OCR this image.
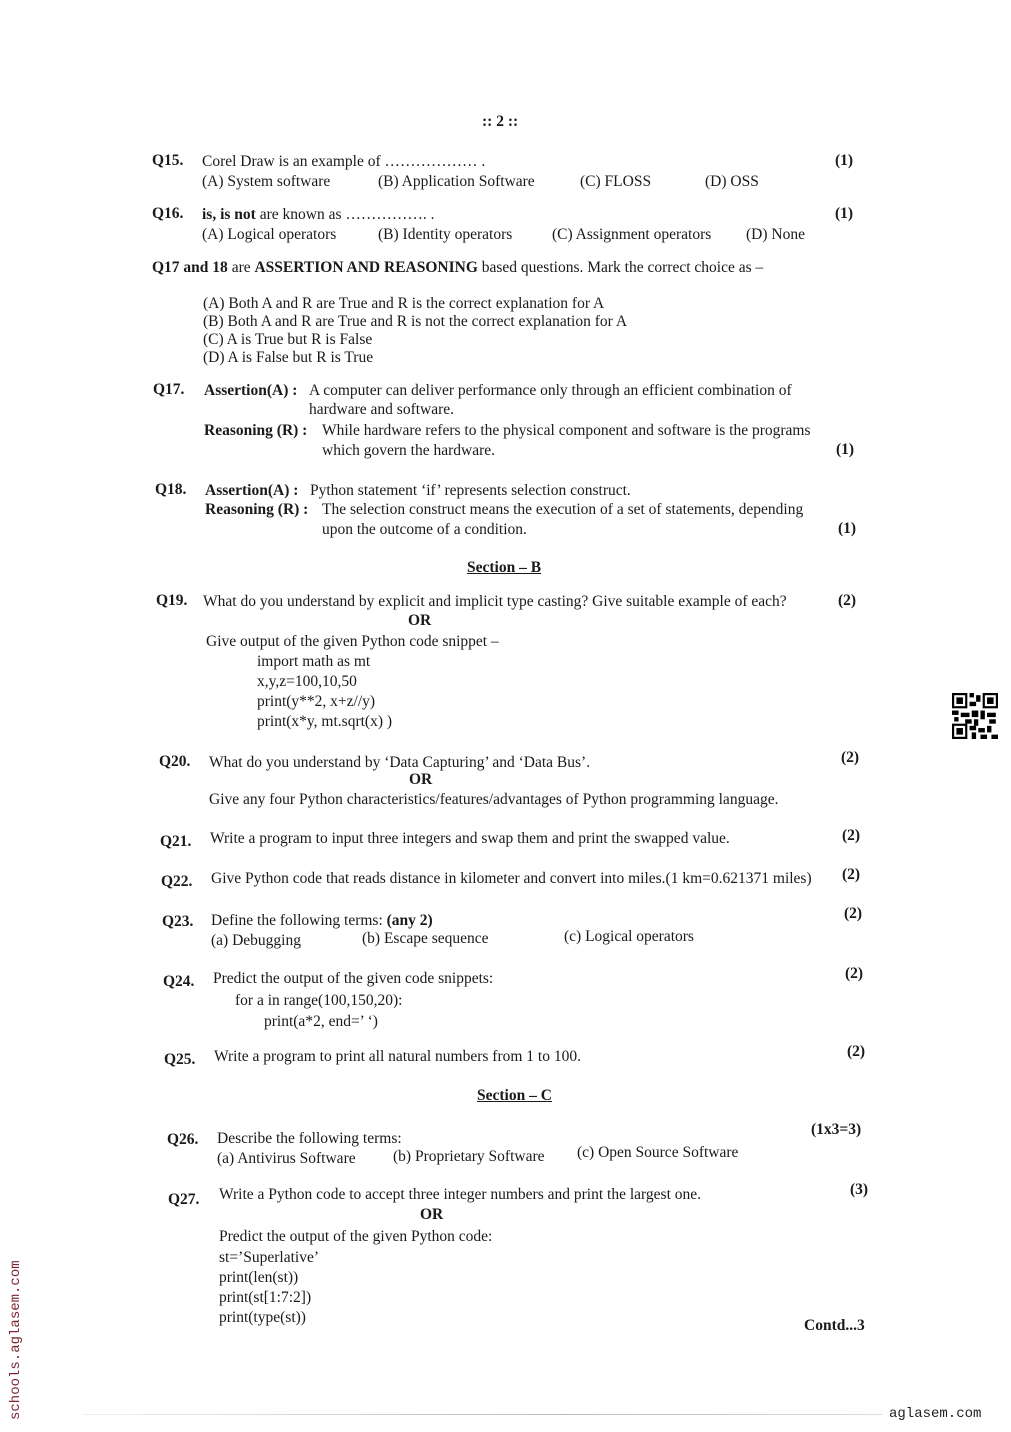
:: 2 ::
Q15. Corel Draw is an example of ……………… .	(1)
(A) System software	(B) Application Software	(C) FLOSS	(D) OSS
Q16. is, is not are known as ……………. .	(1)
(A) Logical operators	(B) Identity operators	(C) Assignment operators (D) None
Q17 and 18 are ASSERTION AND REASONING based questions. Mark the correct choice as –
(A) Both A and R are True and R is the correct explanation for A
(B) Both A and R are True and R is not the correct explanation for A
(C) A is True but R is False
(D) A is False but R is True
Q17. Assertion(A) : A computer can deliver performance only through an efficient combination of
hardware and software.
Reasoning (R) : While hardware refers to the physical component and software is the programs
which govern the hardware.	(1)
Q18. Assertion(A) : Python statement ‘if’ represents selection construct.
Reasoning (R) : The selection construct means the execution of a set of statements, depending
upon the outcome of a condition.	(1)
Section – B
Q19. What do you understand by explicit and implicit type casting? Give suitable example of each?	(2)
OR
Give output of the given Python code snippet –
import math as mt
x,y,z=100,10,50
print(y**2, x+z//y)
print(x*y, mt.sqrt(x) )
Q20. What do you understand by ‘Data Capturing’ and ‘Data Bus’.	(2)
OR
Give any four Python characteristics/features/advantages of Python programming language.
Q21. Write a program to input three integers and swap them and print the swapped value.	(2)
Q22. Give Python code that reads distance in kilometer and convert into miles.(1 km=0.621371 miles) (2)
Q23. Define the following terms: (any 2)	(2)
(a) Debugging	(b) Escape sequence	(c) Logical operators
Q24. Predict the output of the given code snippets:	(2)
for a in range(100,150,20):
print(a*2, end=’ ‘)
Q25. Write a program to print all natural numbers from 1 to 100.	(2)
Section – C
Q26. Describe the following terms:
(1x3=3)
(a) Antivirus Software (b) Proprietary Software (c) Open Source Software
Q27. Write a Python code to accept three integer numbers and print the largest one.	(3)
OR
Predict the output of the given Python code:
st=’Superlative’
print(len(st))
print(st[1:7:2])
print(type(st))	Contd...3
schools.aglasem.com	aglasem.com
